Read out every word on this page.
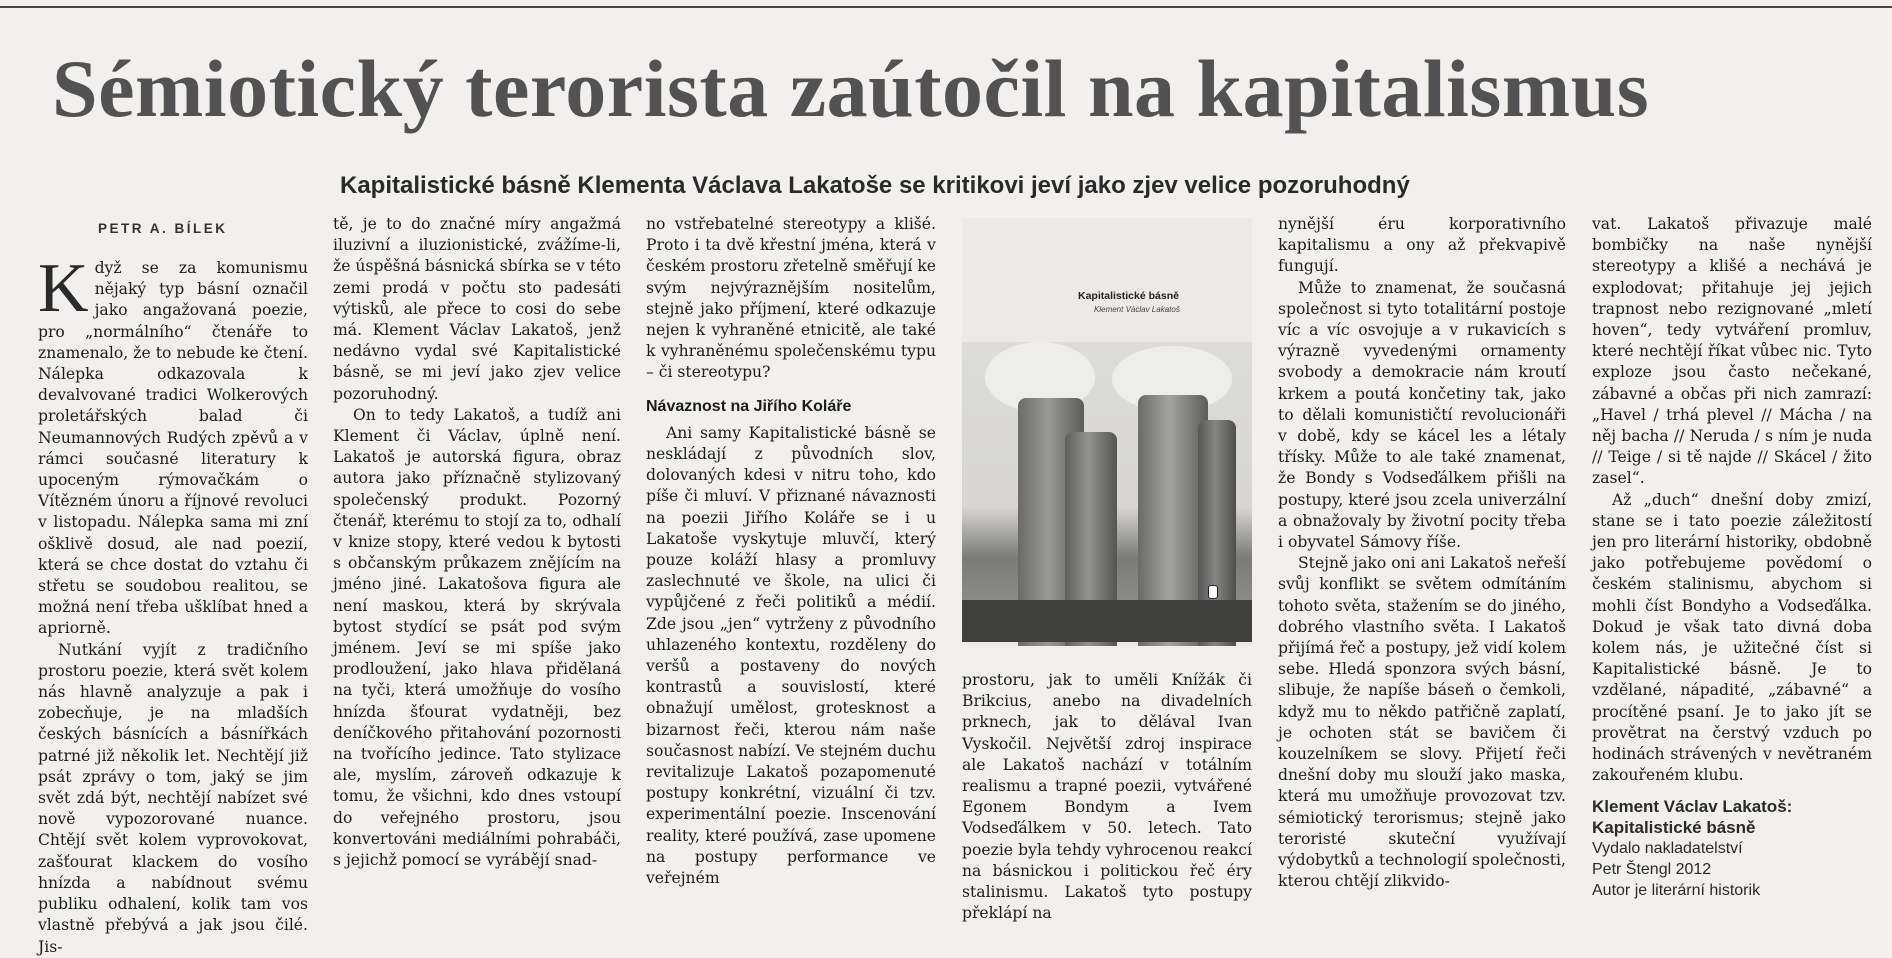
Sémiotický terorista zaútočil na kapitalismus
Kapitalistické básně Klementa Václava Lakatoše se kritikovi jeví jako zjev velice pozoruhodný
PETR A. BÍLEK

Když se za komunismu nějaký typ básní označil jako angažovaná poezie, pro „normálního“ čtenáře to znamenalo, že to nebude ke čtení. Nálepka odkazovala k devalvované tradici Wolkerových proletářských balad či Neumannových Rudých zpěvů a v rámci současné literatury k upoceným rýmovačkám o Vítězném únoru a říjnové revoluci v listopadu. Nálepka sama mi zní ošklivě dosud, ale nad poezií, která se chce dostat do vztahu či střetu se soudobou realitou, se možná není třeba ušklíbat hned a apriorně.

Nutkání vyjít z tradičního prostoru poezie, která svět kolem nás hlavně analyzuje a pak i zobecňuje, je na mladších českých básnících a básnířkách patrné již několik let. Nechtějí již psát zprávy o tom, jaký se jim svět zdá být, nechtějí nabízet své nově vypozorované nuance. Chtějí svět kolem vyprovokovat, zašťourat klackem do vosího hnízda a nabídnout svému publiku odhalení, kolik tam vos vlastně přebývá a jak jsou čilé. Jis-

tě, je to do značné míry angažmá iluzivní a iluzionistické, zvážíme-li, že úspěšná básnická sbírka se v této zemi prodá v počtu sto padesáti výtisků, ale přece to cosi do sebe má. Klement Václav Lakatoš, jenž nedávno vydal své Kapitalistické básně, se mi jeví jako zjev velice pozoruhodný.

On to tedy Lakatoš, a tudíž ani Klement či Václav, úplně není. Lakatoš je autorská figura, obraz autora jako příznačně stylizovaný společenský produkt. Pozorný čtenář, kterému to stojí za to, odhalí v knize stopy, které vedou k bytosti s občanským průkazem znějícím na jméno jiné. Lakatošova figura ale není maskou, která by skrývala bytost stydící se psát pod svým jménem. Jeví se mi spíše jako prodloužení, jako hlava přidělaná na tyči, která umožňuje do vosího hnízda šťourat vydatněji, bez deníčkového přitahování pozornosti na tvořícího jedince. Tato stylizace ale, myslím, zároveň odkazuje k tomu, že všichni, kdo dnes vstoupí do veřejného prostoru, jsou konvertováni mediálními pohrabáči, s jejichž pomocí se vyrábějí snad-

no vstřebatelné stereotypy a klišé. Proto i ta dvě křestní jména, která v českém prostoru zřetelně směřují ke svým nejvýraznějším nositelům, stejně jako příjmení, které odkazuje nejen k vyhraněné etnicitě, ale také k vyhraněnému společenskému typu – či stereotypu?

Návaznost na Jiřího Koláře

Ani samy Kapitalistické básně se neskládají z původních slov, dolovaných kdesi v nitru toho, kdo píše či mluví. V přiznané návaznosti na poezii Jiřího Koláře se i u Lakatoše vyskytuje mluvčí, který pouze koláží hlasy a promluvy zaslechnuté ve škole, na ulici či vypůjčené z řeči politiků a médií. Zde jsou „jen“ vytrženy z původního uhlazeného kontextu, rozděleny do veršů a postaveny do nových kontrastů a souvislostí, které obnažují umělost, grotesknost a bizarnost řeči, kterou nám naše současnost nabízí. Ve stejném duchu revitalizuje Lakatoš pozapomenuté postupy konkrétní, vizuální či tzv. experimentální poezie. Inscenování reality, které používá, zase upomene na postupy performance ve veřejném

Kapitalistické básně
Klement Václav Lakatoš

prostoru, jak to uměli Knížák či Brikcius, anebo na divadelních prknech, jak to dělával Ivan Vyskočil. Největší zdroj inspirace ale Lakatoš nachází v totálním realismu a trapné poezii, vytvářené Egonem Bondym a Ivem Vodseďálkem v 50. letech. Tato poezie byla tehdy vyhrocenou reakcí na básnickou i politickou řeč éry stalinismu. Lakatoš tyto postupy překlápí na

nynější éru korporativního kapitalismu a ony až překvapivě fungují.

Může to znamenat, že současná společnost si tyto totalitární postoje víc a víc osvojuje a v rukavicích s výrazně vyvedenými ornamenty svobody a demokracie nám kroutí krkem a poutá končetiny tak, jako to dělali komunističtí revolucionáři v době, kdy se kácel les a létaly třísky. Může to ale také znamenat, že Bondy s Vodseďálkem přišli na postupy, které jsou zcela univerzální a obnažovaly by životní pocity třeba i obyvatel Sámovy říše.

Stejně jako oni ani Lakatoš neřeší svůj konflikt se světem odmítáním tohoto světa, stažením se do jiného, dobrého vlastního světa. I Lakatoš přijímá řeč a postupy, jež vidí kolem sebe. Hledá sponzora svých básní, slibuje, že napíše báseň o čemkoli, když mu to někdo patřičně zaplatí, je ochoten stát se bavičem či kouzelníkem se slovy. Přijetí řeči dnešní doby mu slouží jako maska, která mu umožňuje provozovat tzv. sémiotický terorismus; stejně jako teroristé skuteční využívají výdobytků a technologií společnosti, kterou chtějí zlikvido-

vat. Lakatoš přivazuje malé bombičky na naše nynější stereotypy a klišé a nechává je explodovat; přitahuje jej jejich trapnost nebo rezignované „mletí hoven“, tedy vytváření promluv, které nechtějí říkat vůbec nic. Tyto exploze jsou často nečekané, zábavné a občas při nich zamrazí: „Havel / trhá plevel // Mácha / na něj bacha // Neruda / s ním je nuda // Teige / si tě najde // Skácel / žito zasel“.

Až „duch“ dnešní doby zmizí, stane se i tato poezie záležitostí jen pro literární historiky, obdobně jako potřebujeme povědomí o českém stalinismu, abychom si mohli číst Bondyho a Vodseďálka. Dokud je však tato divná doba kolem nás, je užitečné číst si Kapitalistické básně. Je to vzdělané, nápadité, „zábavné“ a procítěné psaní. Je to jako jít se provětrat na čerstvý vzduch po hodinách strávených v nevětraném zakouřeném klubu.

Klement Václav Lakatoš:
Kapitalistické básně
Vydalo nakladatelství
Petr Štengl 2012
Autor je literární historik
